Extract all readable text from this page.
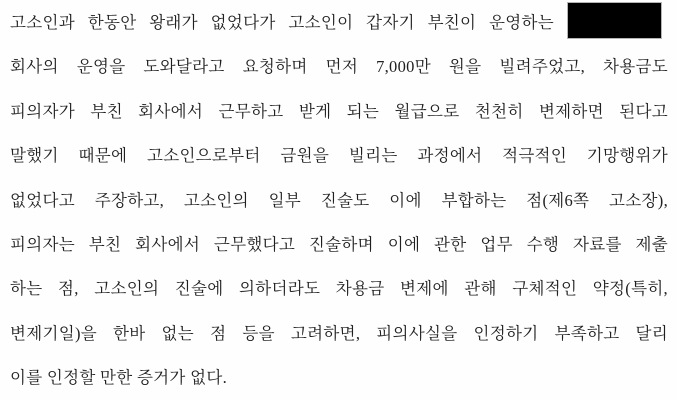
고소인과 한동안 왕래가 없었다가 고소인이 갑자기 부친이 운영하는
회사의 운영을 도와달라고 요청하며 먼저 7,000만 원을 빌려주었고, 차용금도
피의자가 부친 회사에서 근무하고 받게 되는 월급으로 천천히 변제하면 된다고
말했기 때문에 고소인으로부터 금원을 빌리는 과정에서 적극적인 기망행위가
없었다고 주장하고, 고소인의 일부 진술도 이에 부합하는 점(제6쪽 고소장),
피의자는 부친 회사에서 근무했다고 진술하며 이에 관한 업무 수행 자료를 제출
하는 점, 고소인의 진술에 의하더라도 차용금 변제에 관해 구체적인 약정(특히,
변제기일)을 한바 없는 점 등을 고려하면, 피의사실을 인정하기 부족하고 달리
이를 인정할 만한 증거가 없다.
